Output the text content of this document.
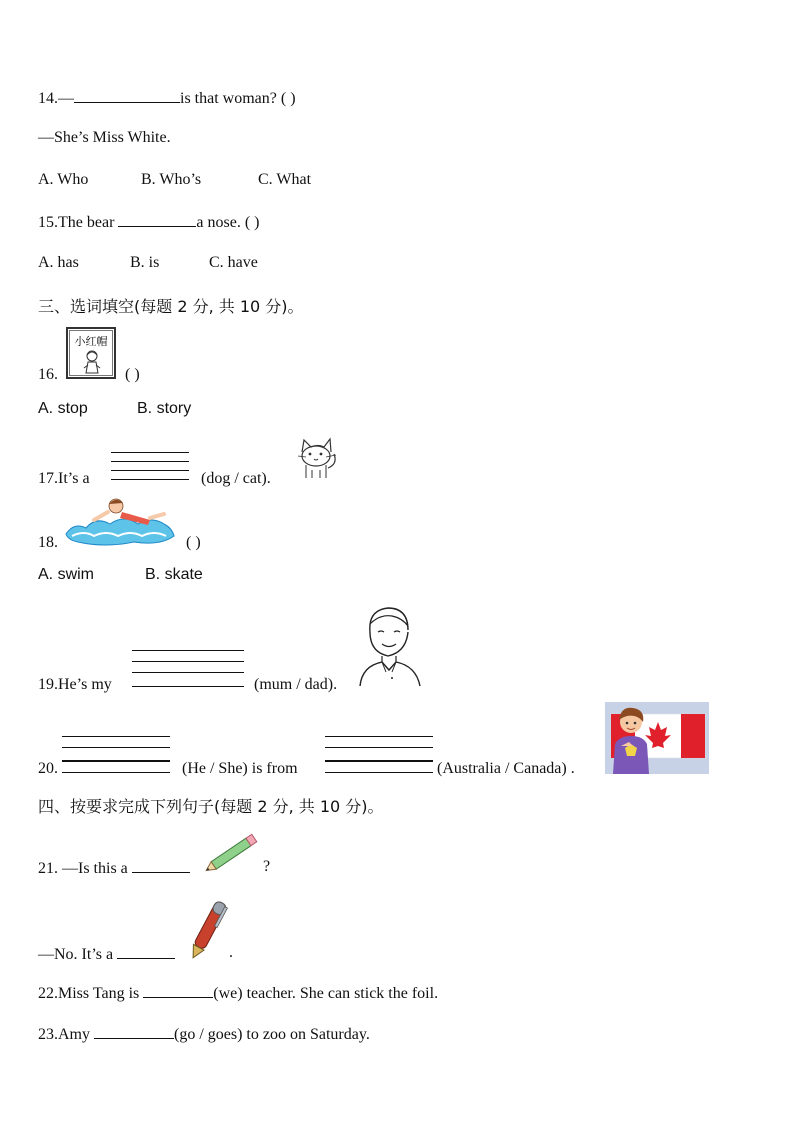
14.—	is that woman? ( )
—She’s Miss White.
A. Who	B. Who’s	C. What
15.The bear	a nose. ( )
A. has	B. is	C. have
三、选词填空(每题 2 分, 共 10 分)。
16.
小红帽
( )
A. stop	B. story
17.It’s a	(dog / cat).
18.	( )
A. swim	B. skate
19.He’s my	(mum / dad).
20.	(He / She) is from	(Australia / Canada) .
四、按要求完成下列句子(每题 2 分, 共 10 分)。
21. —Is this a	?
—No. It’s a	.
22.Miss Tang is	(we) teacher. She can stick the foil.
23.Amy	(go / goes) to zoo on Saturday.
